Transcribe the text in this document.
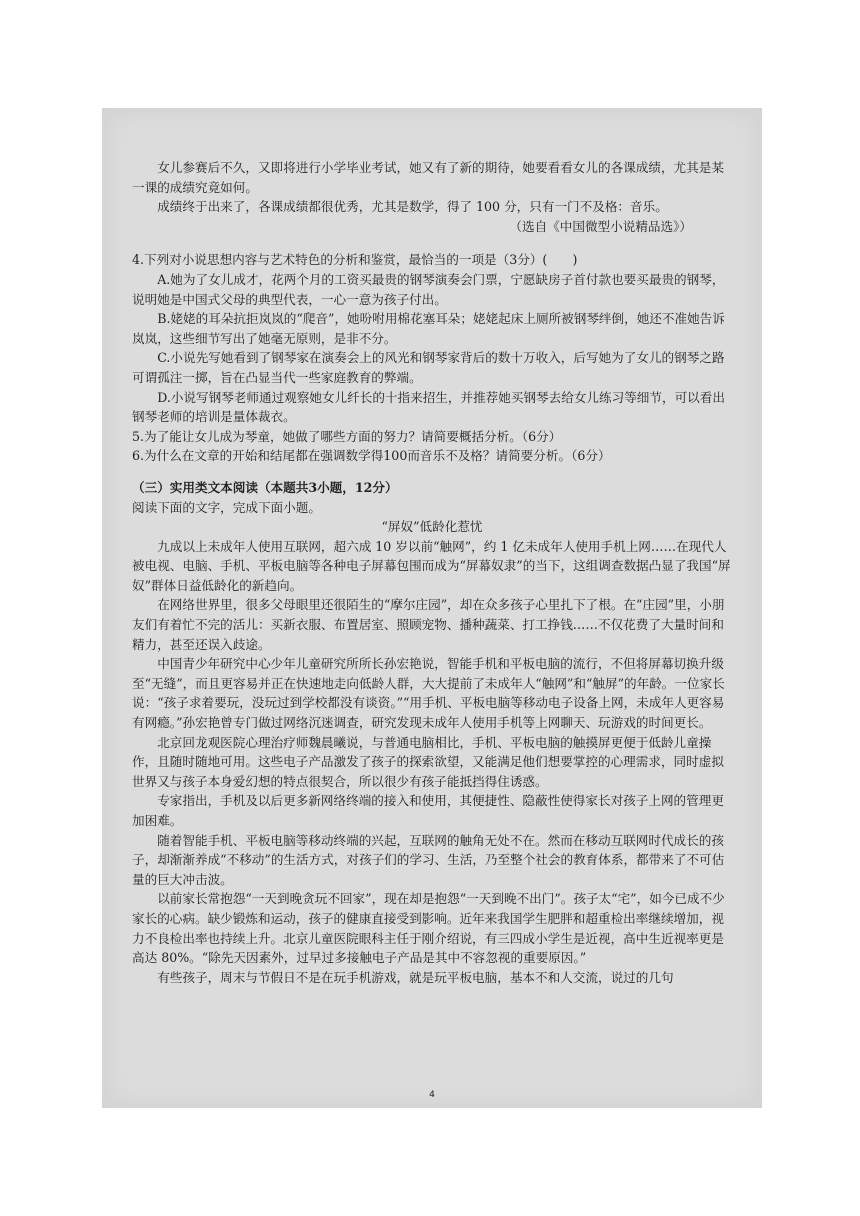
女儿参赛后不久，又即将进行小学毕业考试，她又有了新的期待，她要看看女儿的各课成绩，尤其是某一课的成绩究竟如何。

成绩终于出来了，各课成绩都很优秀，尤其是数学，得了 100 分，只有一门不及格：音乐。

（选自《中国微型小说精品选》）

4.下列对小说思想内容与艺术特色的分析和鉴赏，最恰当的一项是（3分）(　　)

A.她为了女儿成才，花两个月的工资买最贵的钢琴演奏会门票，宁愿缺房子首付款也要买最贵的钢琴，说明她是中国式父母的典型代表，一心一意为孩子付出。

B.姥姥的耳朵抗拒岚岚的“爬音”，她吩咐用棉花塞耳朵；姥姥起床上厕所被钢琴绊倒，她还不准她告诉岚岚，这些细节写出了她毫无原则，是非不分。

C.小说先写她看到了钢琴家在演奏会上的风光和钢琴家背后的数十万收入，后写她为了女儿的钢琴之路可谓孤注一掷，旨在凸显当代一些家庭教育的弊端。

D.小说写钢琴老师通过观察她女儿纤长的十指来招生，并推荐她买钢琴去给女儿练习等细节，可以看出钢琴老师的培训是量体裁衣。

5.为了能让女儿成为琴童，她做了哪些方面的努力？请简要概括分析。（6分）

6.为什么在文章的开始和结尾都在强调数学得100而音乐不及格？请简要分析。（6分）

（三）实用类文本阅读（本题共3小题，12分）

阅读下面的文字，完成下面小题。

“屏奴”低龄化惹忧

九成以上未成年人使用互联网，超六成 10 岁以前“触网”，约 1 亿未成年人使用手机上网……在现代人被电视、电脑、手机、平板电脑等各种电子屏幕包围而成为“屏幕奴隶”的当下，这组调查数据凸显了我国“屏奴”群体日益低龄化的新趋向。

在网络世界里，很多父母眼里还很陌生的“摩尔庄园”，却在众多孩子心里扎下了根。在“庄园”里，小朋友们有着忙不完的活儿：买新衣服、布置居室、照顾宠物、播种蔬菜、打工挣钱……不仅花费了大量时间和精力，甚至还误入歧途。

中国青少年研究中心少年儿童研究所所长孙宏艳说，智能手机和平板电脑的流行，不但将屏幕切换升级至“无缝”，而且更容易并正在快速地走向低龄人群，大大提前了未成年人“触网”和“触屏”的年龄。一位家长说：“孩子求着要玩，没玩过到学校都没有谈资。”“用手机、平板电脑等移动电子设备上网，未成年人更容易有网瘾。”孙宏艳曾专门做过网络沉迷调查，研究发现未成年人使用手机等上网聊天、玩游戏的时间更长。

北京回龙观医院心理治疗师魏晨曦说，与普通电脑相比，手机、平板电脑的触摸屏更便于低龄儿童操作，且随时随地可用。这些电子产品激发了孩子的探索欲望，又能满足他们想要掌控的心理需求，同时虚拟世界又与孩子本身爱幻想的特点很契合，所以很少有孩子能抵挡得住诱惑。

专家指出，手机及以后更多新网络终端的接入和使用，其便捷性、隐蔽性使得家长对孩子上网的管理更加困难。

随着智能手机、平板电脑等移动终端的兴起，互联网的触角无处不在。然而在移动互联网时代成长的孩子，却渐渐养成“不移动”的生活方式，对孩子们的学习、生活，乃至整个社会的教育体系，都带来了不可估量的巨大冲击波。

以前家长常抱怨“一天到晚贪玩不回家”，现在却是抱怨“一天到晚不出门”。孩子太“宅”，如今已成不少家长的心病。缺少锻炼和运动，孩子的健康直接受到影响。近年来我国学生肥胖和超重检出率继续增加，视力不良检出率也持续上升。北京儿童医院眼科主任于刚介绍说，有三四成小学生是近视，高中生近视率更是高达 80%。“除先天因素外，过早过多接触电子产品是其中不容忽视的重要原因。”

有些孩子，周末与节假日不是在玩手机游戏，就是玩平板电脑，基本不和人交流，说过的几句

4
